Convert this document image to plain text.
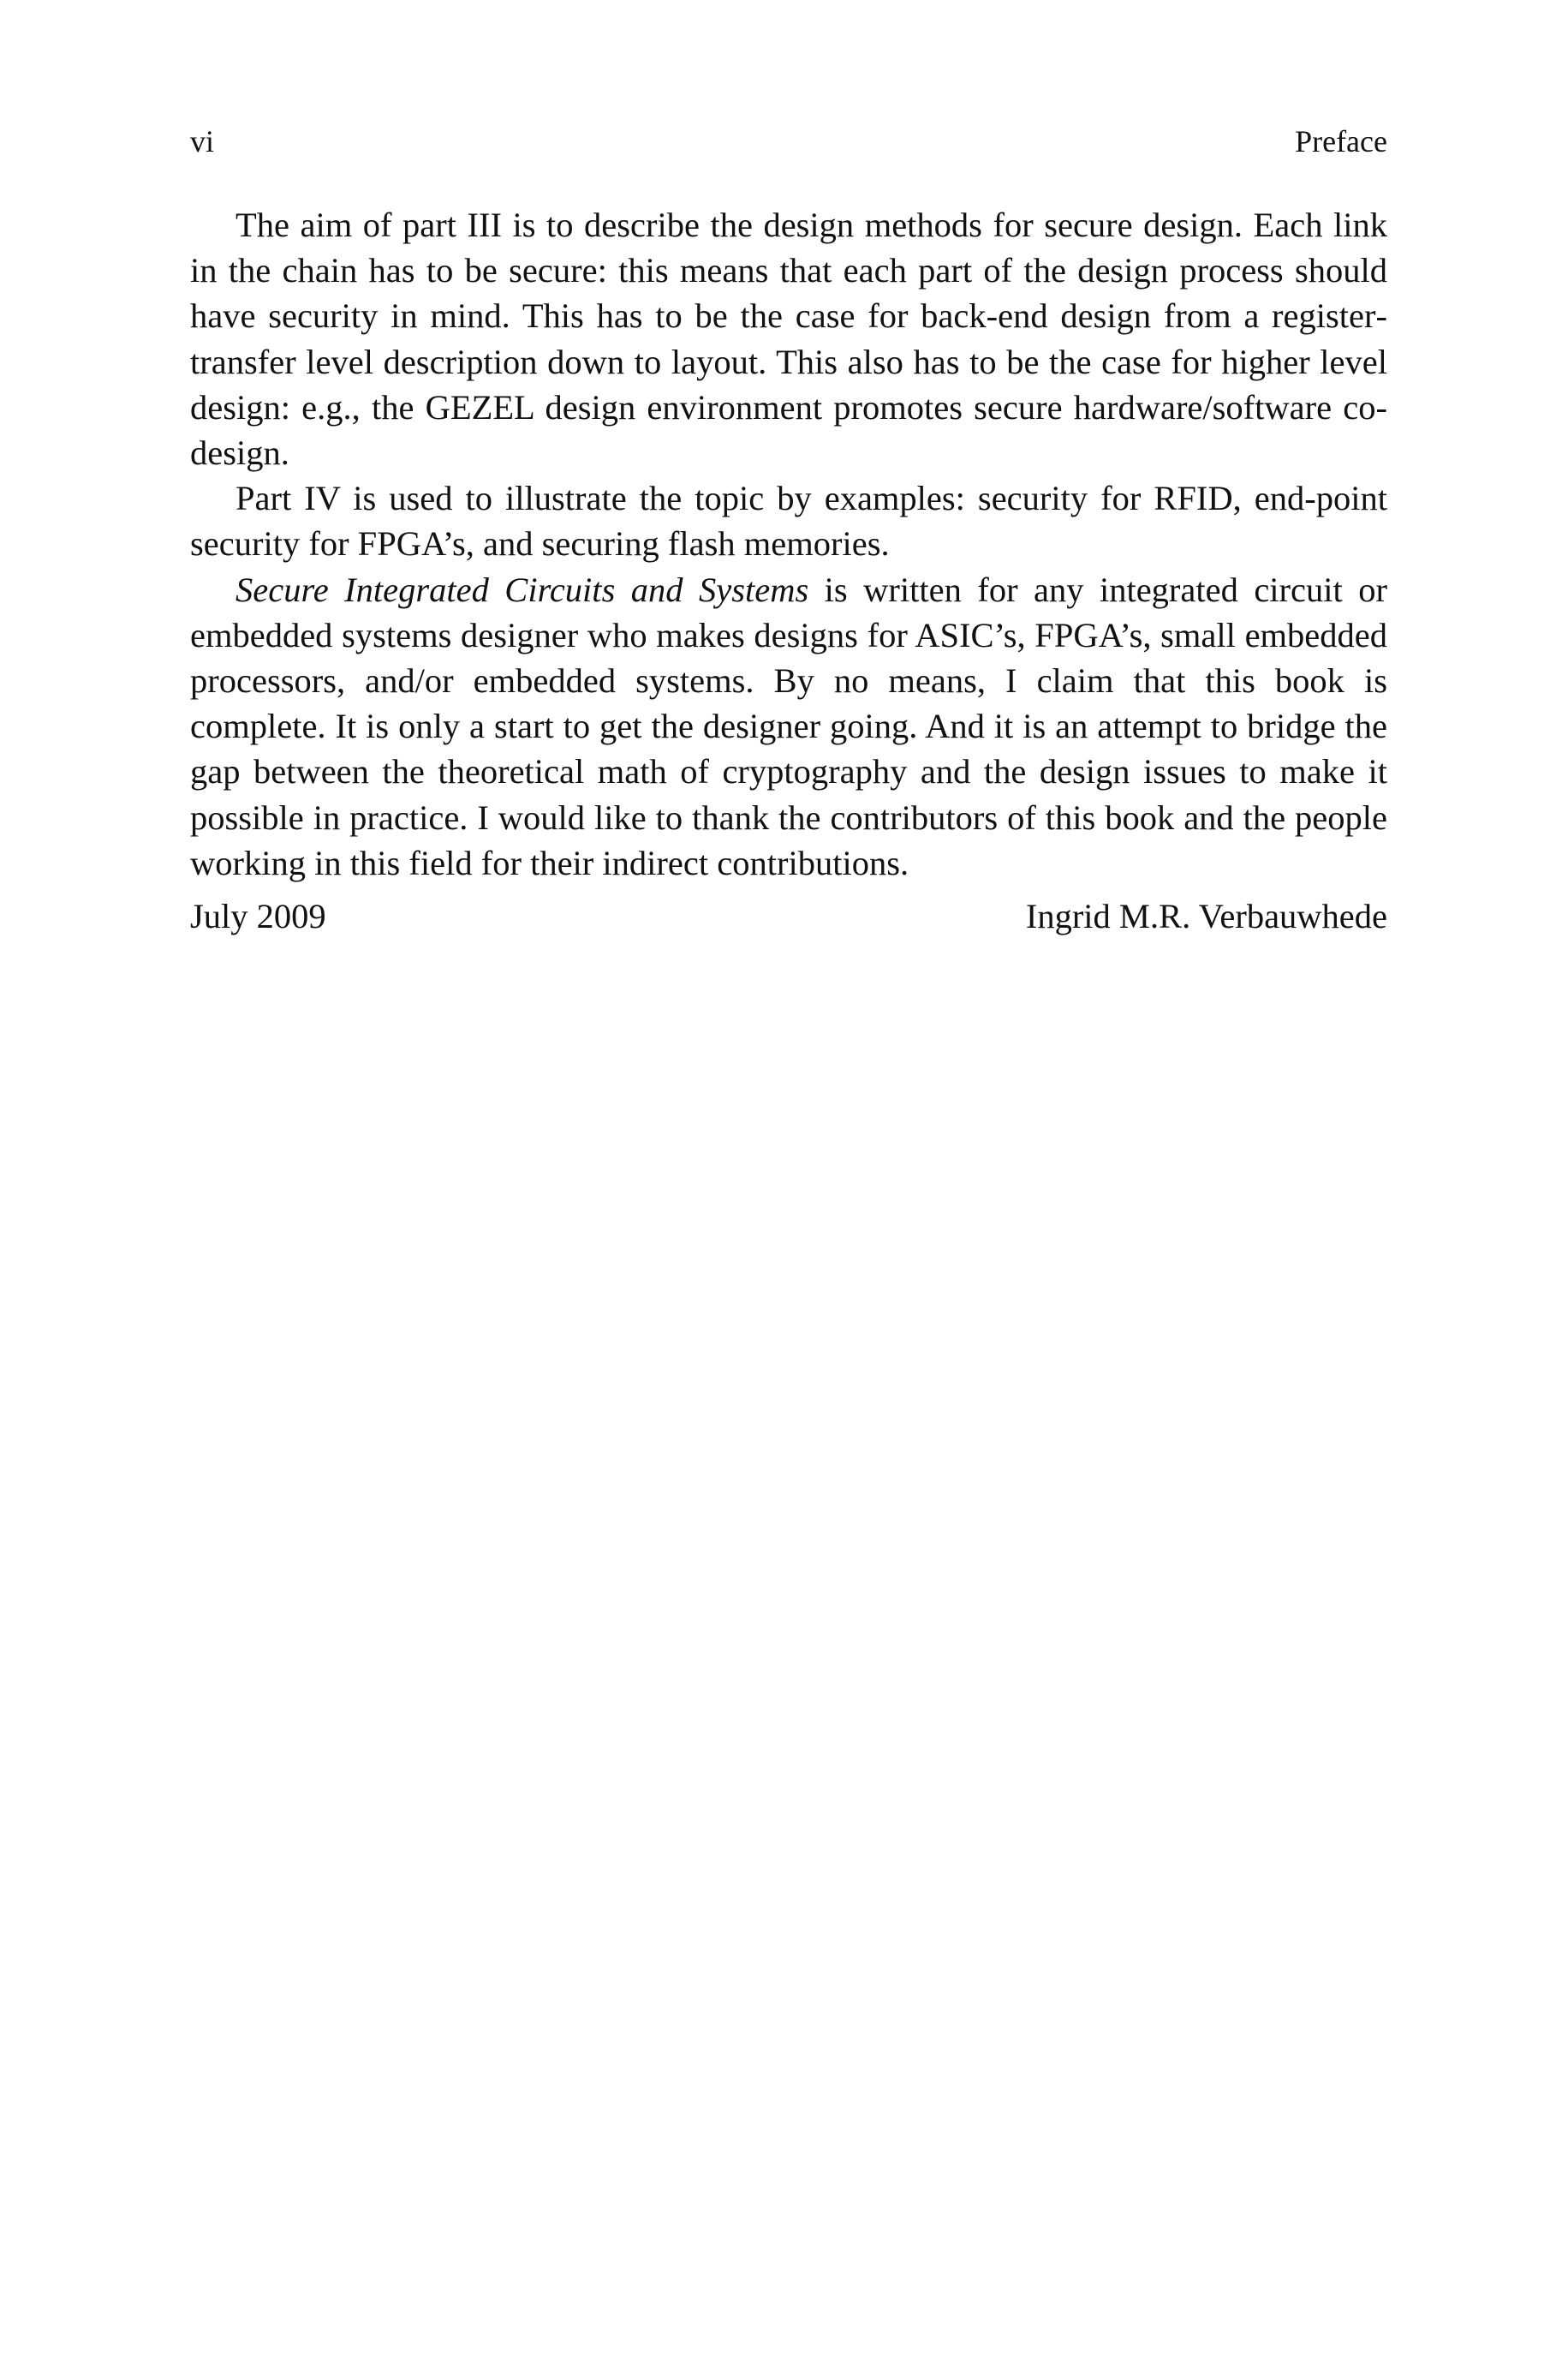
vi	Preface

The aim of part III is to describe the design methods for secure design. Each link in the chain has to be secure: this means that each part of the design process should have security in mind. This has to be the case for back-end design from a registertransfer level description down to layout. This also has to be the case for higher level design: e.g., the GEZEL design environment promotes secure hardware/software co-design.

Part IV is used to illustrate the topic by examples: security for RFID, end-point security for FPGA’s, and securing flash memories.

Secure Integrated Circuits and Systems is written for any integrated circuit or embedded systems designer who makes designs for ASIC’s, FPGA’s, small embedded processors, and/or embedded systems. By no means, I claim that this book is complete. It is only a start to get the designer going. And it is an attempt to bridge the gap between the theoretical math of cryptography and the design issues to make it possible in practice. I would like to thank the contributors of this book and the people working in this field for their indirect contributions.

July 2009	Ingrid M.R. Verbauwhede
